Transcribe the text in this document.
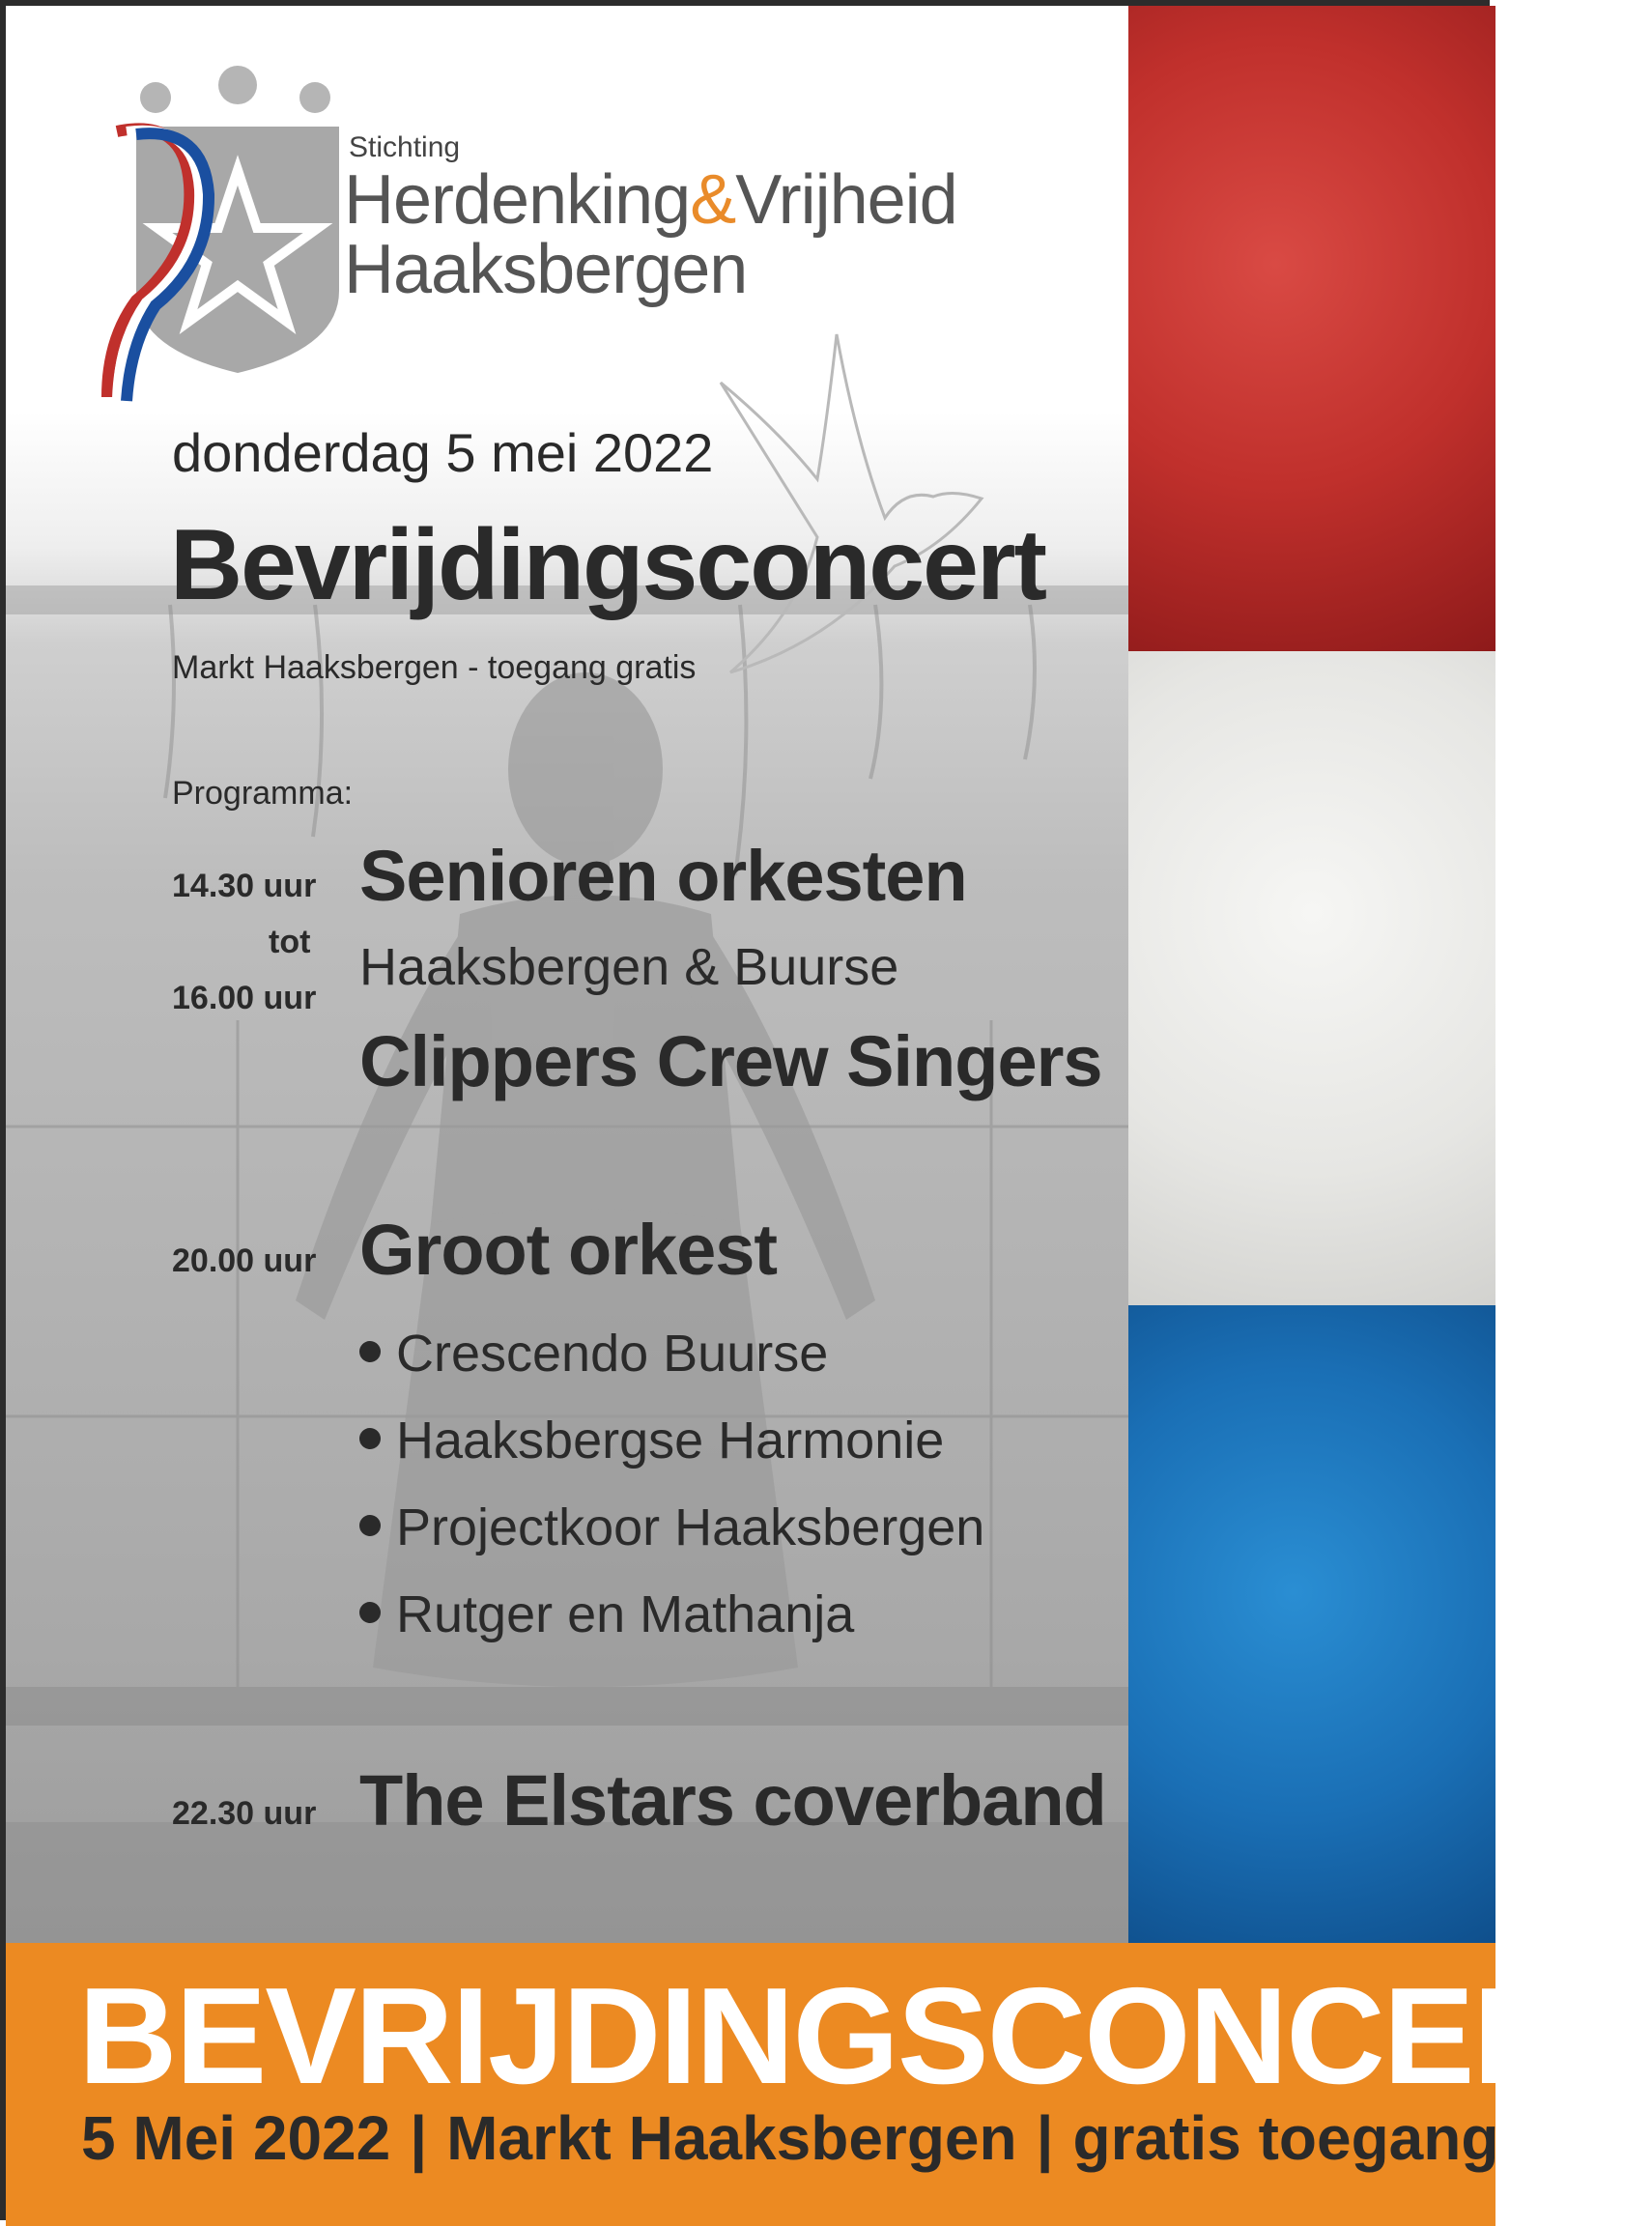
Stichting
Herdenking&Vrijheid
Haaksbergen
donderdag 5 mei 2022
Bevrijdingsconcert
Markt Haaksbergen - toegang gratis
Programma:
14.30 uur
tot
16.00 uur
Senioren orkesten
Haaksbergen & Buurse
Clippers Crew Singers
20.00 uur Groot orkest
Crescendo Buurse
Haaksbergse Harmonie
Projectkoor Haaksbergen
Rutger en Mathanja
22.30 uur The Elstars coverband
BEVRIJDINGSCONCERT
5 Mei 2022 | Markt Haaksbergen | gratis toegang
